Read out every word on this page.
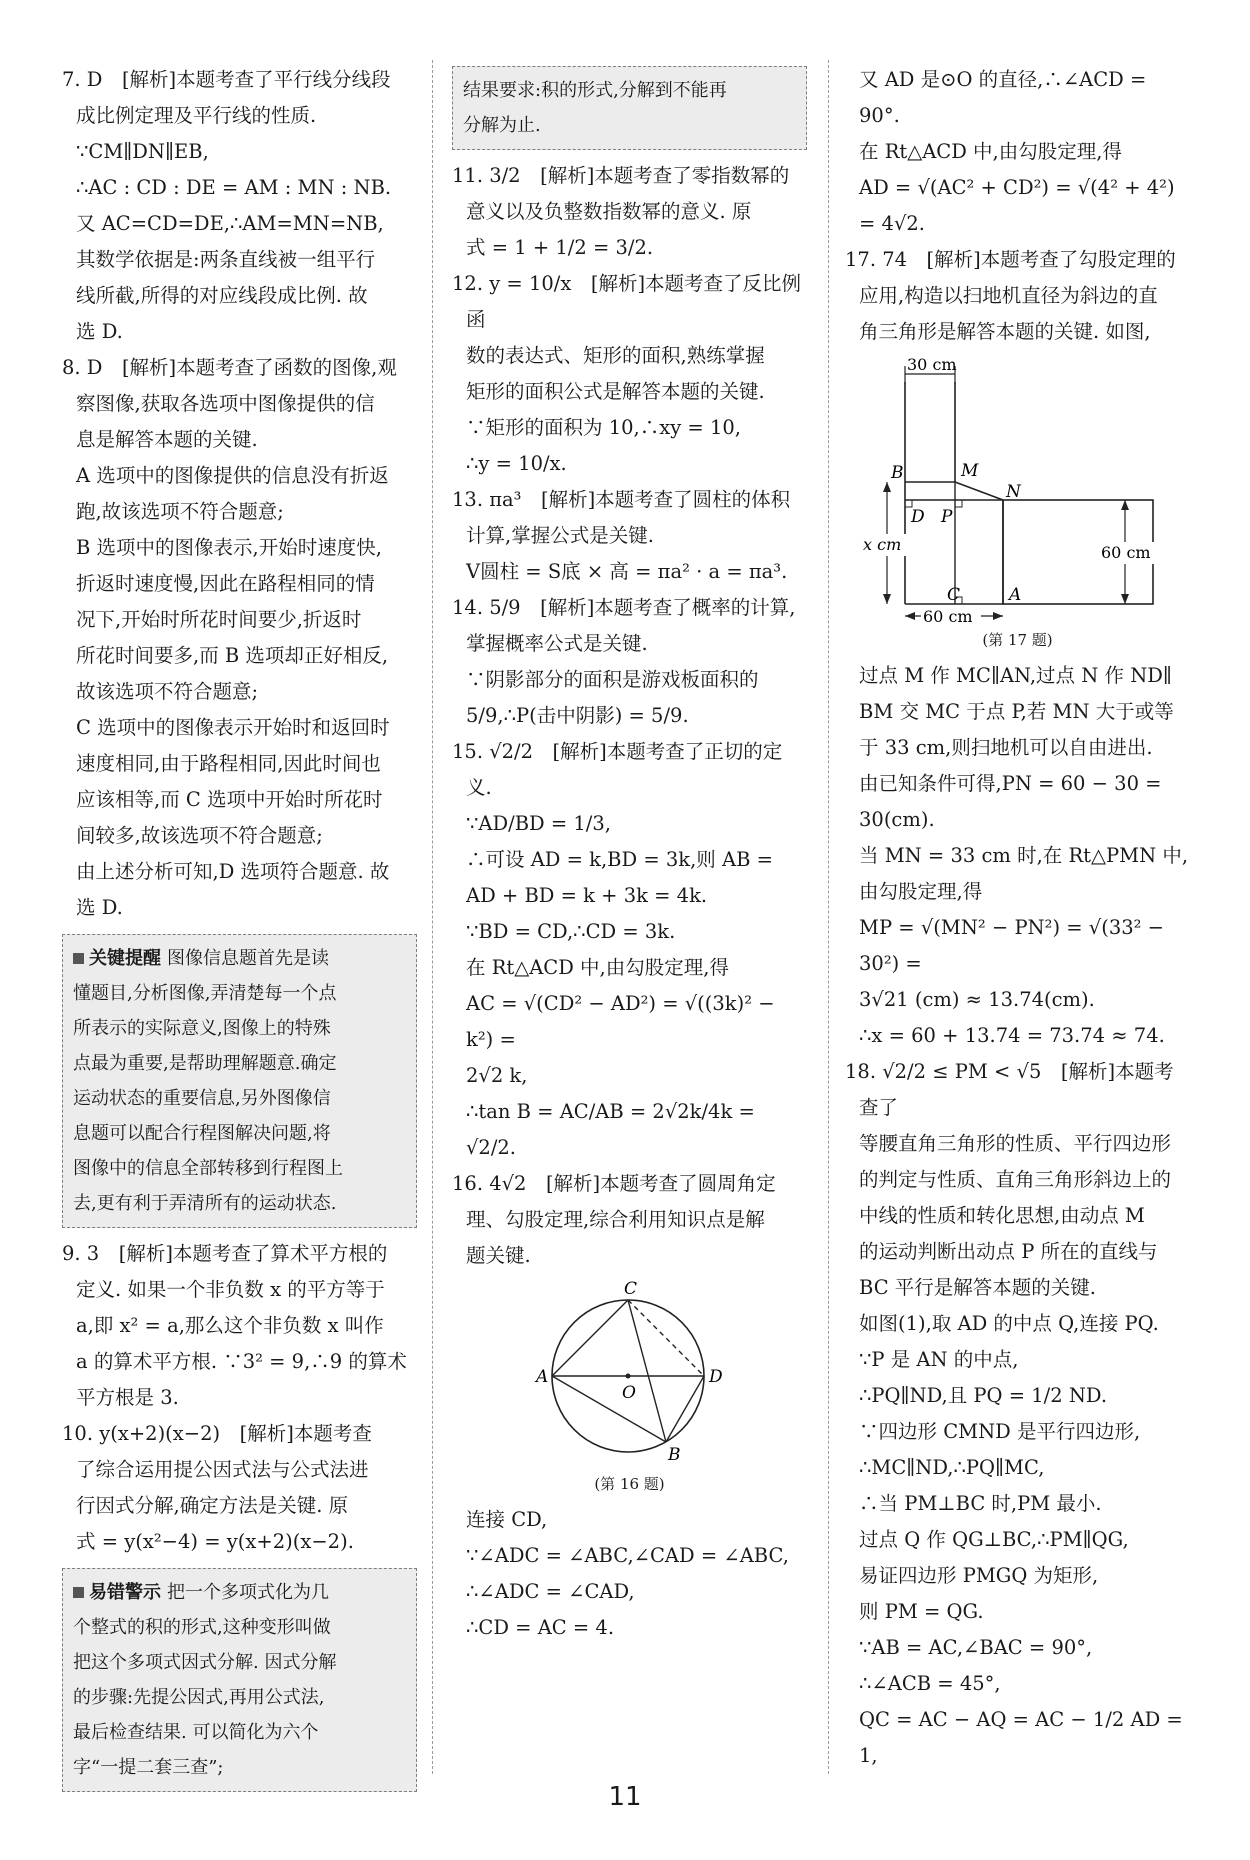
7. D　[解析]本题考查了平行线分线段

成比例定理及平行线的性质.

∵CM∥DN∥EB,

∴AC : CD : DE = AM : MN : NB.

又 AC=CD=DE,∴AM=MN=NB,

其数学依据是:两条直线被一组平行

线所截,所得的对应线段成比例. 故

选 D.

8. D　[解析]本题考查了函数的图像,观

察图像,获取各选项中图像提供的信

息是解答本题的关键.

A 选项中的图像提供的信息没有折返

跑,故该选项不符合题意;

B 选项中的图像表示,开始时速度快,

折返时速度慢,因此在路程相同的情

况下,开始时所花时间要少,折返时

所花时间要多,而 B 选项却正好相反,

故该选项不符合题意;

C 选项中的图像表示开始时和返回时

速度相同,由于路程相同,因此时间也

应该相等,而 C 选项中开始时所花时

间较多,故该选项不符合题意;

由上述分析可知,D 选项符合题意. 故

选 D.

关键提醒 图像信息题首先是读

懂题目,分析图像,弄清楚每一个点

所表示的实际意义,图像上的特殊

点最为重要,是帮助理解题意.确定

运动状态的重要信息,另外图像信

息题可以配合行程图解决问题,将

图像中的信息全部转移到行程图上

去,更有利于弄清所有的运动状态.

9. 3　[解析]本题考查了算术平方根的

定义. 如果一个非负数 x 的平方等于

a,即 x² = a,那么这个非负数 x 叫作

a 的算术平方根. ∵3² = 9,∴9 的算术

平方根是 3.

10. y(x+2)(x−2)　[解析]本题考查

了综合运用提公因式法与公式法进

行因式分解,确定方法是关键. 原

式 = y(x²−4) = y(x+2)(x−2).

易错警示 把一个多项式化为几

个整式的积的形式,这种变形叫做

把这个多项式因式分解. 因式分解

的步骤:先提公因式,再用公式法,

最后检查结果. 可以简化为六个

字“一提二套三查”;

结果要求:积的形式,分解到不能再

分解为止.

11. 3/2　[解析]本题考查了零指数幂的

意义以及负整数指数幂的意义. 原

式 = 1 + 1/2 = 3/2.

12. y = 10/x　[解析]本题考查了反比例函

数的表达式、矩形的面积,熟练掌握

矩形的面积公式是解答本题的关键.

∵矩形的面积为 10,∴xy = 10,

∴y = 10/x.

13. πa³　[解析]本题考查了圆柱的体积

计算,掌握公式是关键.

V圆柱 = S底 × 高 = πa² · a = πa³.

14. 5/9　[解析]本题考查了概率的计算,

掌握概率公式是关键.

∵阴影部分的面积是游戏板面积的

5/9,∴P(击中阴影) = 5/9.

15. √2/2　[解析]本题考查了正切的定义.

∵AD/BD = 1/3,

∴可设 AD = k,BD = 3k,则 AB =

AD + BD = k + 3k = 4k.

∵BD = CD,∴CD = 3k.

在 Rt△ACD 中,由勾股定理,得

AC = √(CD² − AD²) = √((3k)² − k²) =

2√2 k,

∴tan B = AC/AB = 2√2k/4k = √2/2.

16. 4√2　[解析]本题考查了圆周角定

理、勾股定理,综合利用知识点是解

题关键.

C
A
O
D
B
(第 16 题)

连接 CD,

∵∠ADC = ∠ABC,∠CAD = ∠ABC,

∴∠ADC = ∠CAD,

∴CD = AC = 4.

又 AD 是⊙O 的直径,∴∠ACD = 90°.

在 Rt△ACD 中,由勾股定理,得

AD = √(AC² + CD²) = √(4² + 4²) = 4√2.

17. 74　[解析]本题考查了勾股定理的

应用,构造以扫地机直径为斜边的直

角三角形是解答本题的关键. 如图,

30 cm
B	M
N
D P
x cm	60 cm
C	A
60 cm
(第 17 题)

过点 M 作 MC∥AN,过点 N 作 ND∥

BM 交 MC 于点 P,若 MN 大于或等

于 33 cm,则扫地机可以自由进出.

由已知条件可得,PN = 60 − 30 =

30(cm).

当 MN = 33 cm 时,在 Rt△PMN 中,

由勾股定理,得

MP = √(MN² − PN²) = √(33² − 30²) =

3√21 (cm) ≈ 13.74(cm).

∴x = 60 + 13.74 = 73.74 ≈ 74.

18. √2/2 ≤ PM < √5　[解析]本题考查了

等腰直角三角形的性质、平行四边形

的判定与性质、直角三角形斜边上的

中线的性质和转化思想,由动点 M

的运动判断出动点 P 所在的直线与

BC 平行是解答本题的关键.

如图(1),取 AD 的中点 Q,连接 PQ.

∵P 是 AN 的中点,

∴PQ∥ND,且 PQ = 1/2 ND.

∵四边形 CMND 是平行四边形,

∴MC∥ND,∴PQ∥MC,

∴当 PM⊥BC 时,PM 最小.

过点 Q 作 QG⊥BC,∴PM∥QG,

易证四边形 PMGQ 为矩形,

则 PM = QG.

∵AB = AC,∠BAC = 90°,

∴∠ACB = 45°,

QC = AC − AQ = AC − 1/2 AD = 1,

11
